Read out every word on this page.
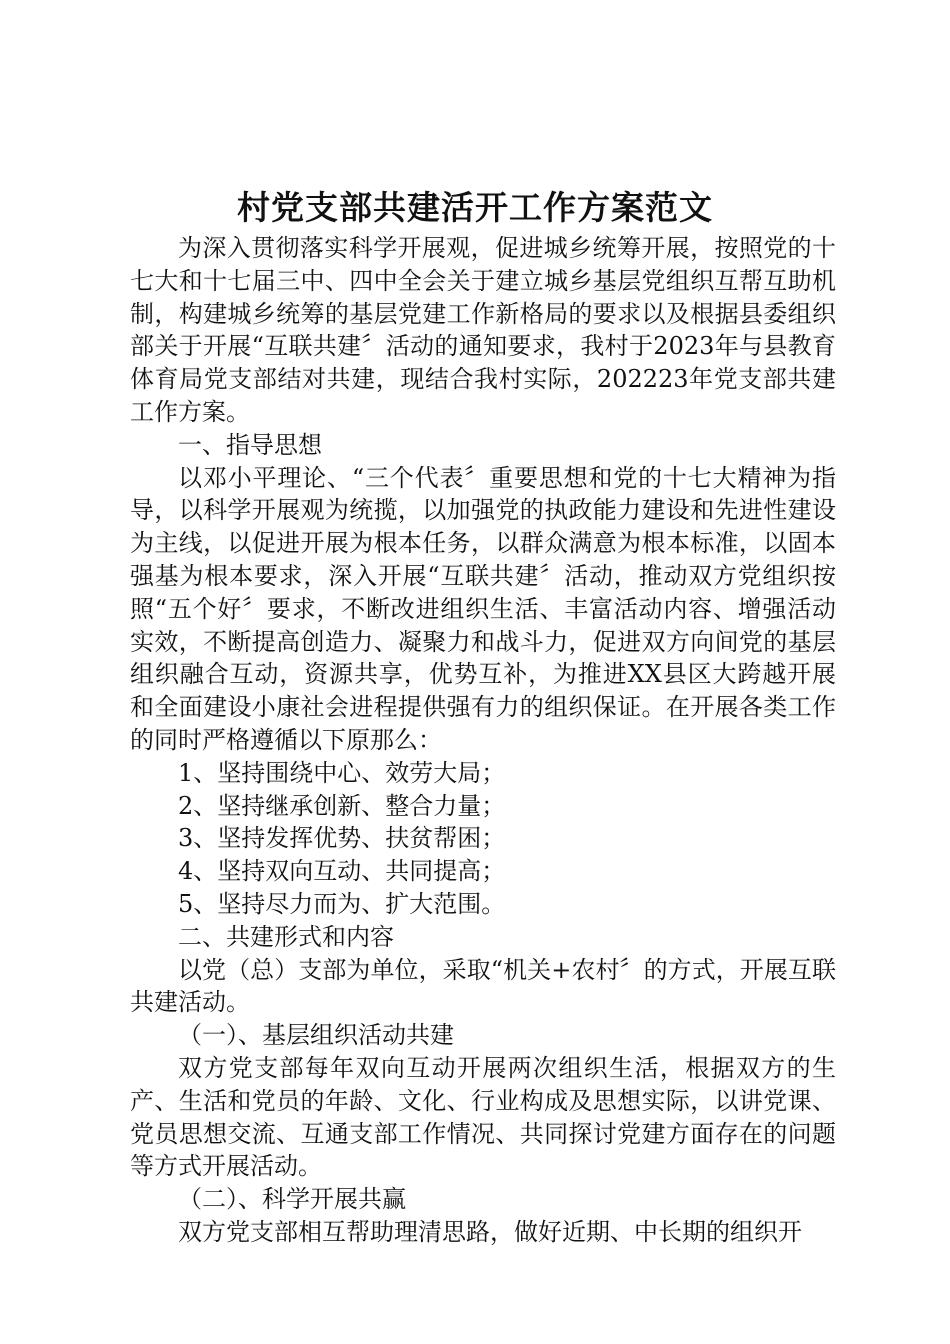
村党支部共建活开工作方案范文

为深入贯彻落实科学开展观，促进城乡统筹开展，按照党的十七大和十七届三中、四中全会关于建立城乡基层党组织互帮互助机制，构建城乡统筹的基层党建工作新格局的要求以及根据县委组织部关于开展“互联共建〞活动的通知要求，我村于2023年与县教育体育局党支部结对共建，现结合我村实际，202223年党支部共建工作方案。

一、指导思想

以邓小平理论、“三个代表〞重要思想和党的十七大精神为指导，以科学开展观为统揽，以加强党的执政能力建设和先进性建设为主线，以促进开展为根本任务，以群众满意为根本标准，以固本强基为根本要求，深入开展“互联共建〞活动，推动双方党组织按照“五个好〞要求，不断改进组织生活、丰富活动内容、增强活动实效，不断提高创造力、凝聚力和战斗力，促进双方向间党的基层组织融合互动，资源共享，优势互补，为推进XX县区大跨越开展和全面建设小康社会进程提供强有力的组织保证。在开展各类工作的同时严格遵循以下原那么：

1、坚持围绕中心、效劳大局；

2、坚持继承创新、整合力量；

3、坚持发挥优势、扶贫帮困；

4、坚持双向互动、共同提高；

5、坚持尽力而为、扩大范围。

二、共建形式和内容

以党（总）支部为单位，采取“机关+农村〞的方式，开展互联共建活动。

（一）、基层组织活动共建

双方党支部每年双向互动开展两次组织生活，根据双方的生产、生活和党员的年龄、文化、行业构成及思想实际，以讲党课、党员思想交流、互通支部工作情况、共同探讨党建方面存在的问题等方式开展活动。

（二）、科学开展共赢

双方党支部相互帮助理清思路，做好近期、中长期的组织开
